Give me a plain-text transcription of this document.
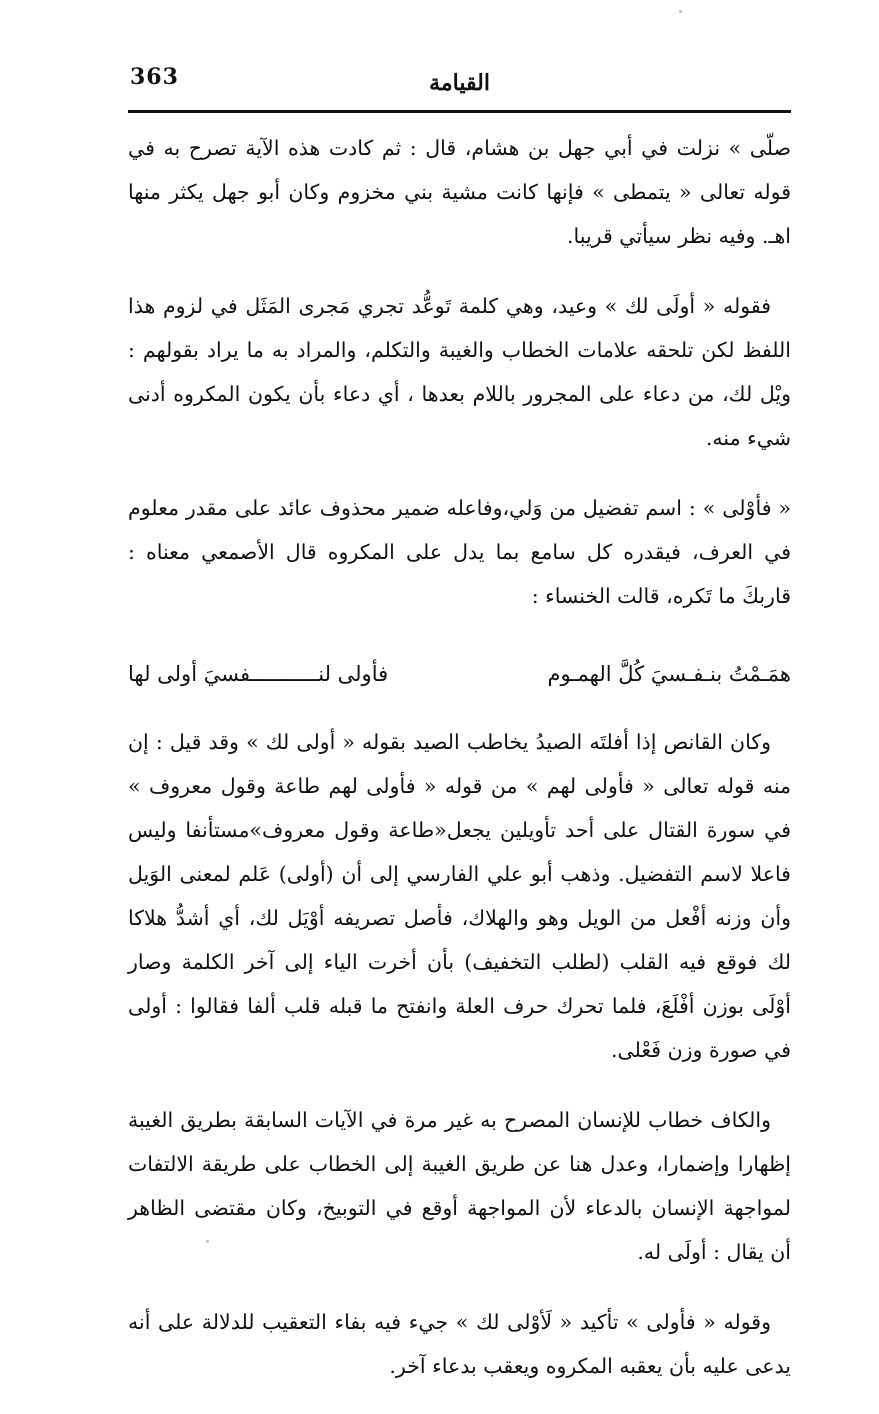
363	القيامة

صلّى » نزلت في أبي جهل بن هشام، قال : ثم كادت هذه الآية تصرح به في قوله تعالى « يتمطى » فإنها كانت مشية بني مخزوم وكان أبو جهل يكثر منها اهـ. وفيه نظر سيأتي قريبا.

فقوله « أولَى لك » وعيد، وهي كلمة تَوعُّد تجري مَجرى المَثَل في لزوم هذا اللفظ لكن تلحقه علامات الخطاب والغيبة والتكلم، والمراد به ما يراد بقولهم : ويْل لك، من دعاء على المجرور باللام بعدها ، أي دعاء بأن يكون المكروه أدنى شيء منه.

« فأوْلى » : اسم تفضيل من وَلي،وفاعله ضمير محذوف عائد على مقدر معلوم في العرف، فيقدره كل سامع بما يدل على المكروه قال الأصمعي معناه : قاربكَ ما تَكره، قالت الخنساء :

همَـمْتُ بنـفـسيَ كُلَّ الهمـوم
فأولى لنـــــــــــفسيَ أولى لها

وكان القانص إذا أفلتَه الصيدُ يخاطب الصيد بقوله « أولى لك » وقد قيل : إن منه قوله تعالى « فأولى لهم » من قوله « فأولى لهم طاعة وقول معروف » في سورة القتال على أحد تأويلين يجعل«طاعة وقول معروف»مستأنفا وليس فاعلا لاسم التفضيل. وذهب أبو علي الفارسي إلى أن (أولى) عَلم لمعنى الوَيل وأن وزنه أفْعل من الويل وهو والهلاك، فأصل تصريفه أوْيَل لك، أي أشدُّ هلاكا لك فوقع فيه القلب (لطلب التخفيف) بأن أخرت الياء إلى آخر الكلمة وصار أوْلَى بوزن أفْلَعَ، فلما تحرك حرف العلة وانفتح ما قبله قلب ألفا فقالوا : أولى في صورة وزن فَعْلى.

والكاف خطاب للإنسان المصرح به غير مرة في الآيات السابقة بطريق الغيبة إظهارا وإضمارا، وعدل هنا عن طريق الغيبة إلى الخطاب على طريقة الالتفات لمواجهة الإنسان بالدعاء لأن المواجهة أوقع في التوبيخ، وكان مقتضى الظاهر أن يقال : أولَى له.

وقوله « فأولى » تأكيد « لَأوْلى لك » جيء فيه بفاء التعقيب للدلالة على أنه يدعى عليه بأن يعقبه المكروه ويعقب بدعاء آخر.
